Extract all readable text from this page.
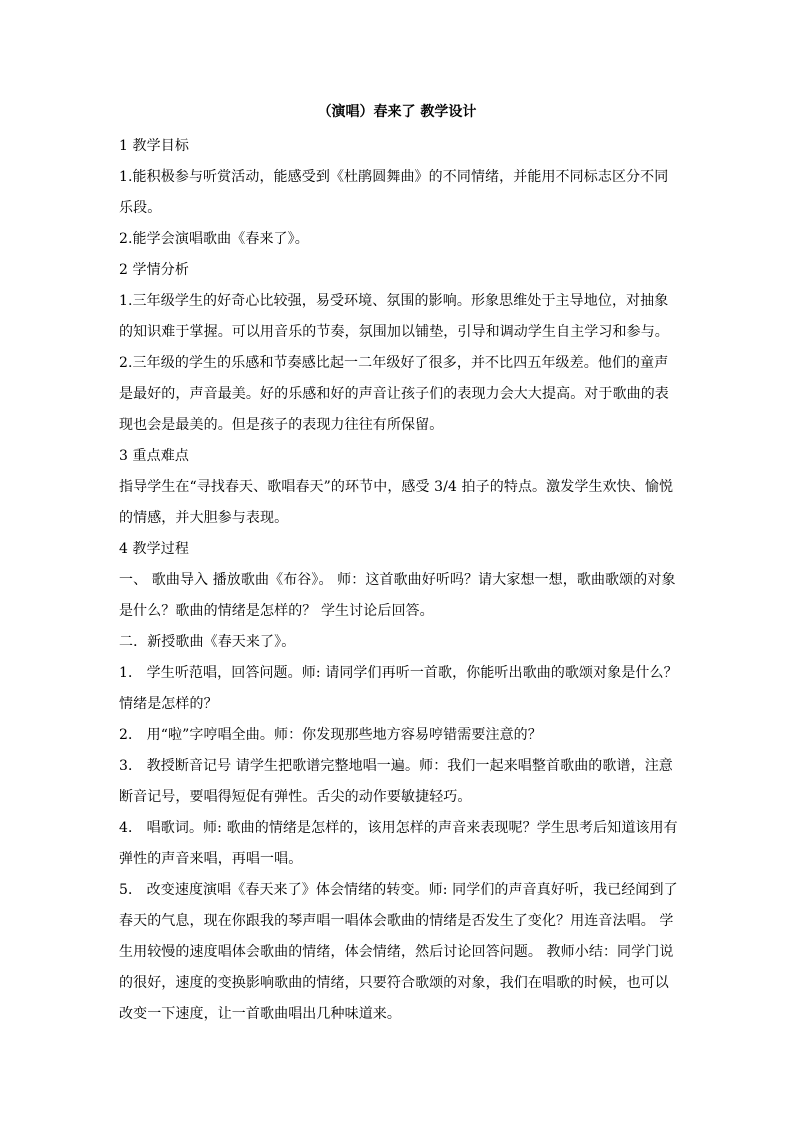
（演唱）春来了 教学设计

1 教学目标

1.能积极参与听赏活动，能感受到《杜鹃圆舞曲》的不同情绪，并能用不同标志区分不同乐段。

2.能学会演唱歌曲《春来了》。

2 学情分析

1.三年级学生的好奇心比较强，易受环境、氛围的影响。形象思维处于主导地位，对抽象的知识难于掌握。可以用音乐的节奏，氛围加以铺垫，引导和调动学生自主学习和参与。

2.三年级的学生的乐感和节奏感比起一二年级好了很多，并不比四五年级差。他们的童声是最好的，声音最美。好的乐感和好的声音让孩子们的表现力会大大提高。对于歌曲的表现也会是最美的。但是孩子的表现力往往有所保留。

3 重点难点

指导学生在“寻找春天、歌唱春天”的环节中，感受 3/4 拍子的特点。激发学生欢快、愉悦的情感，并大胆参与表现。

4 教学过程

一、 歌曲导入 播放歌曲《布谷》。 师：这首歌曲好听吗？请大家想一想，歌曲歌颂的对象是什么？歌曲的情绪是怎样的？ 学生讨论后回答。

二．新授歌曲《春天来了》。

1． 学生听范唱，回答问题。师: 请同学们再听一首歌，你能听出歌曲的歌颂对象是什么？情绪是怎样的？

2． 用“啦”字哼唱全曲。师：你发现那些地方容易哼错需要注意的？

3． 教授断音记号 请学生把歌谱完整地唱一遍。师：我们一起来唱整首歌曲的歌谱，注意断音记号，要唱得短促有弹性。舌尖的动作要敏捷轻巧。

4． 唱歌词。师: 歌曲的情绪是怎样的，该用怎样的声音来表现呢？学生思考后知道该用有弹性的声音来唱，再唱一唱。

5． 改变速度演唱《春天来了》体会情绪的转变。师: 同学们的声音真好听，我已经闻到了春天的气息，现在你跟我的琴声唱一唱体会歌曲的情绪是否发生了变化？用连音法唱。 学生用较慢的速度唱体会歌曲的情绪，体会情绪，然后讨论回答问题。 教师小结：同学门说的很好，速度的变换影响歌曲的情绪，只要符合歌颂的对象，我们在唱歌的时候，也可以改变一下速度，让一首歌曲唱出几种味道来。
